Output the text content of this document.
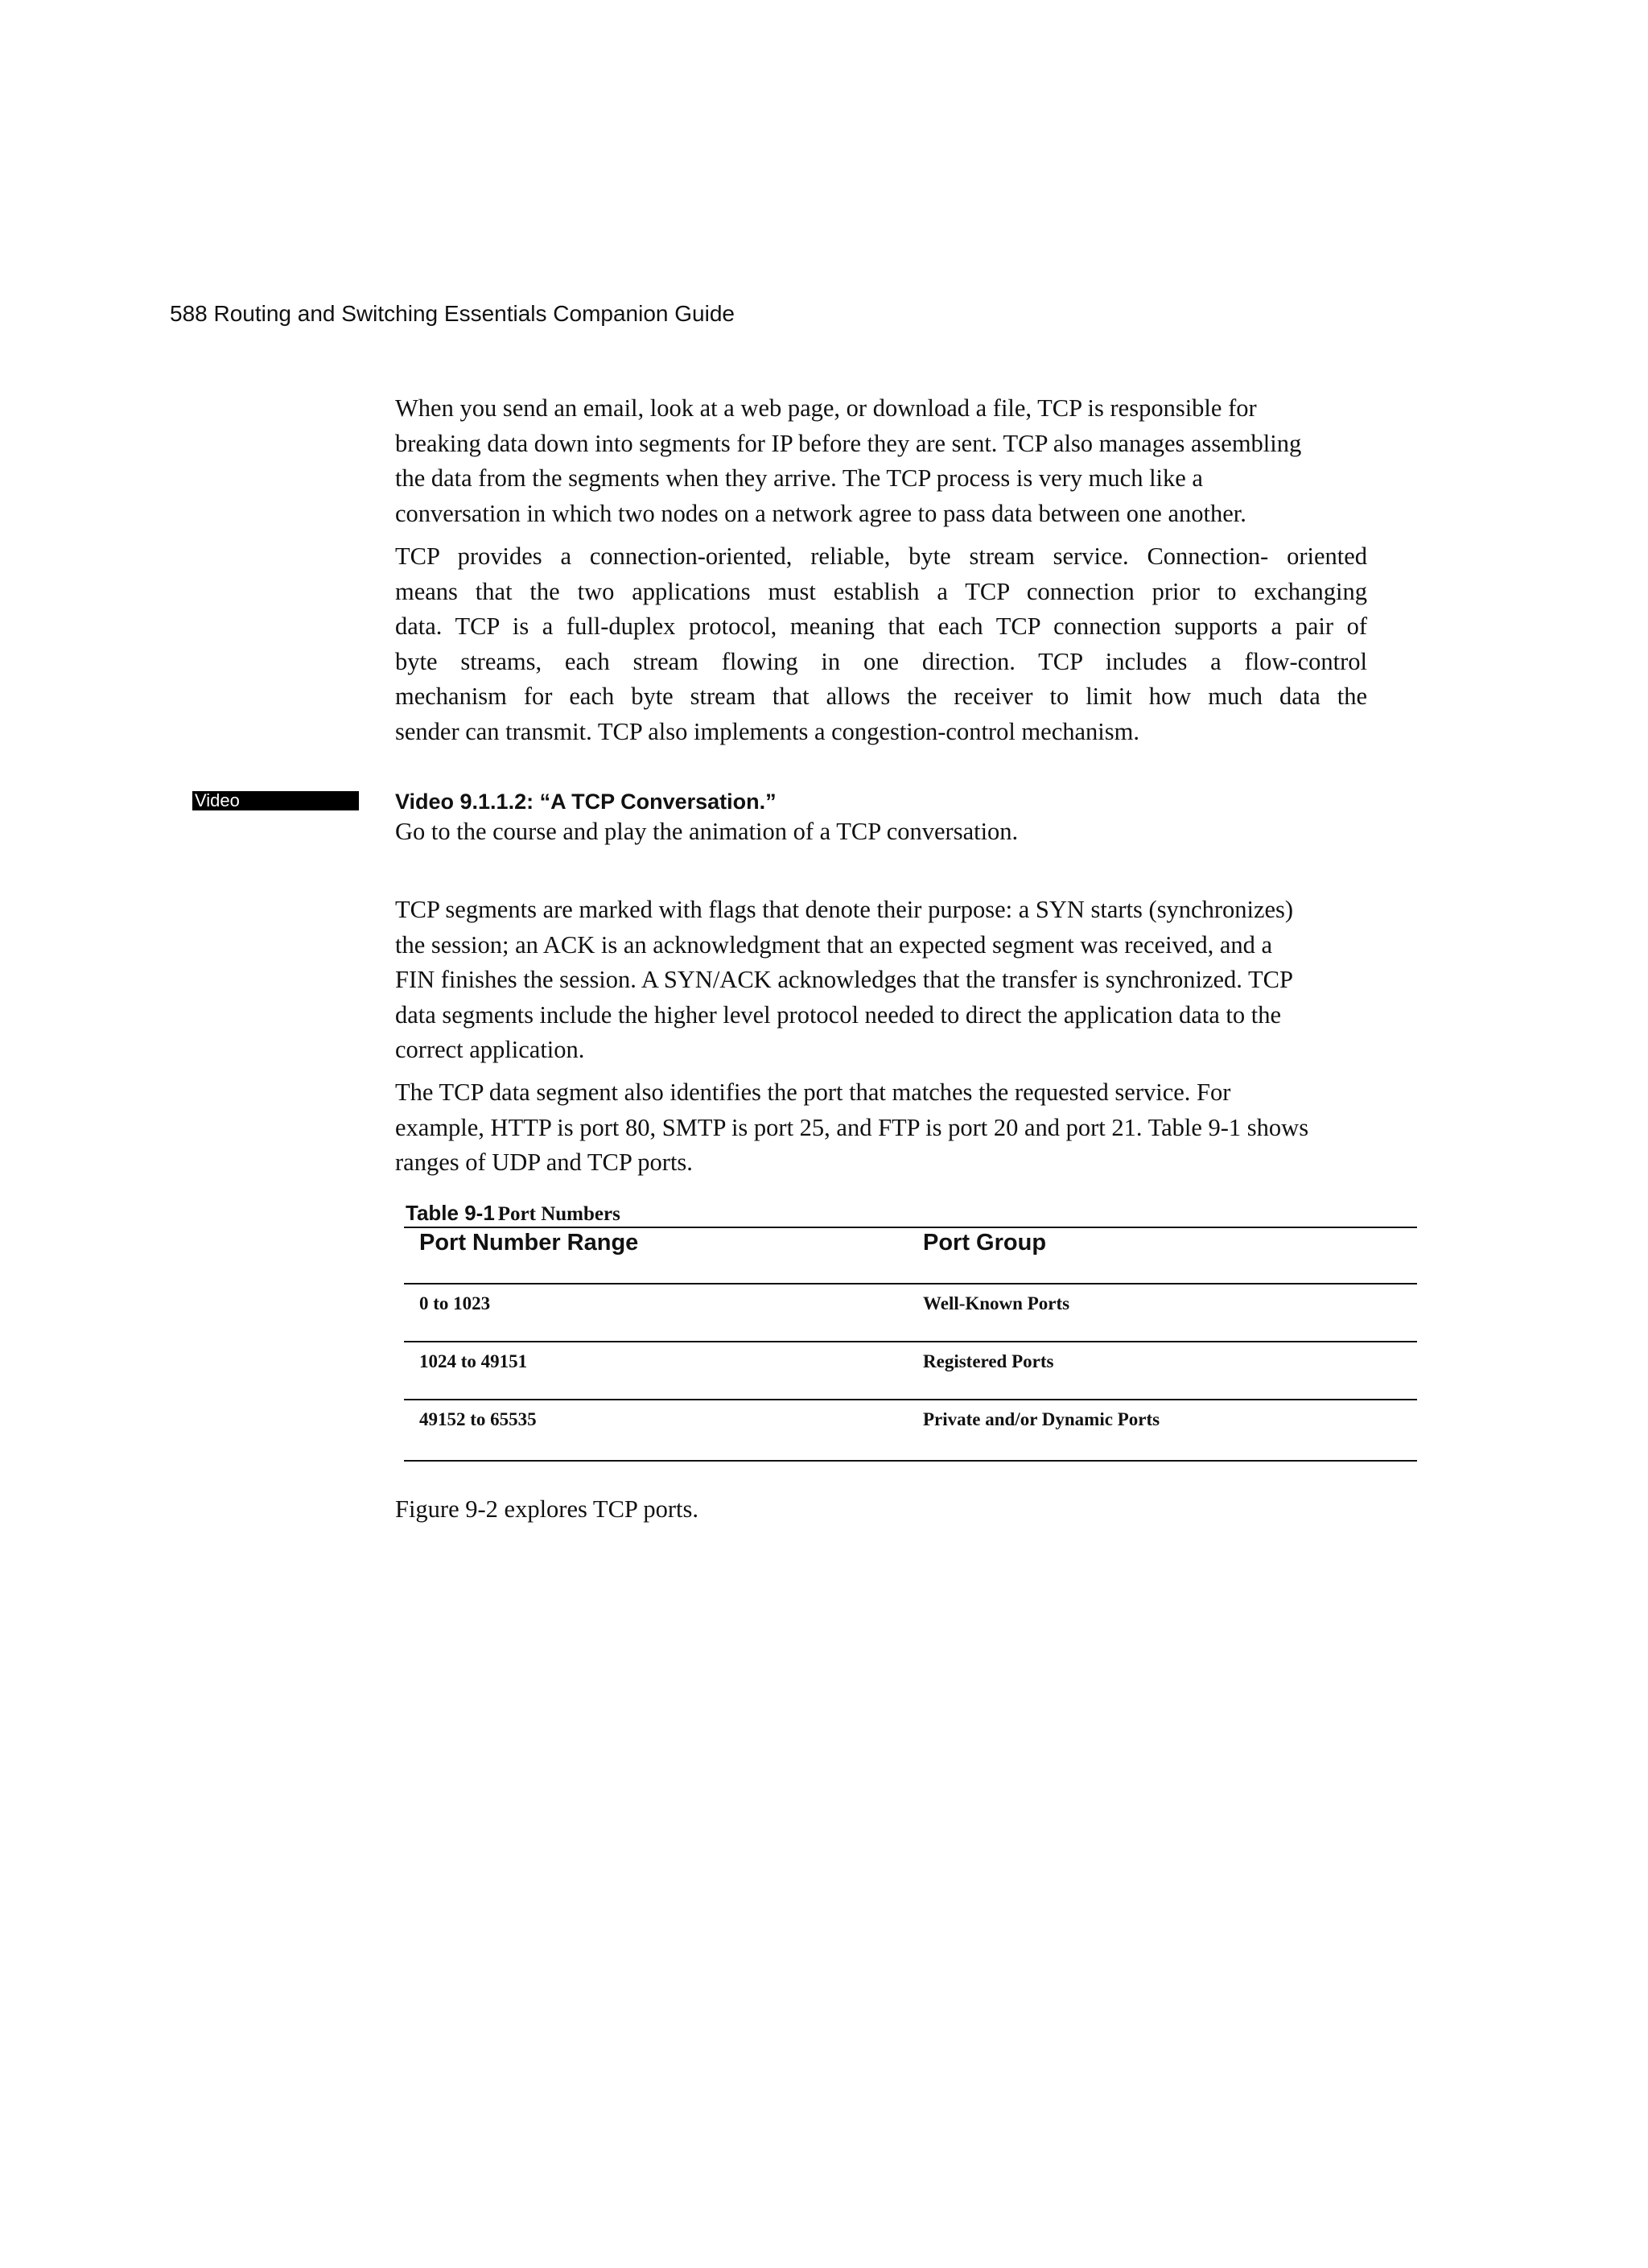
588 Routing and Switching Essentials Companion Guide
When you send an email, look at a web page, or download a file, TCP is responsible for
breaking data down into segments for IP before they are sent. TCP also manages assembling
the data from the segments when they arrive. The TCP process is very much like a
conversation in which two nodes on a network agree to pass data between one another.
TCP provides a connection-oriented, reliable, byte stream service. Connection- oriented
means that the two applications must establish a TCP connection prior to exchanging
data. TCP is a full-duplex protocol, meaning that each TCP connection supports a pair of
byte streams, each stream flowing in one direction. TCP includes a flow-control
mechanism for each byte stream that allows the receiver to limit how much data the
sender can transmit. TCP also implements a congestion-control mechanism.
Video	Video 9.1.1.2: “A TCP Conversation.”
Go to the course and play the animation of a TCP conversation.
TCP segments are marked with flags that denote their purpose: a SYN starts (synchronizes)
the session; an ACK is an acknowledgment that an expected segment was received, and a
FIN finishes the session. A SYN/ACK acknowledges that the transfer is synchronized. TCP
data segments include the higher level protocol needed to direct the application data to the
correct application.
The TCP data segment also identifies the port that matches the requested service. For
example, HTTP is port 80, SMTP is port 25, and FTP is port 20 and port 21. Table 9-1 shows
ranges of UDP and TCP ports.
Table 9-1 Port Numbers
Port Number Range	Port Group
0 to 1023	Well-Known Ports
1024 to 49151	Registered Ports
49152 to 65535	Private and/or Dynamic Ports
Figure 9-2 explores TCP ports.
